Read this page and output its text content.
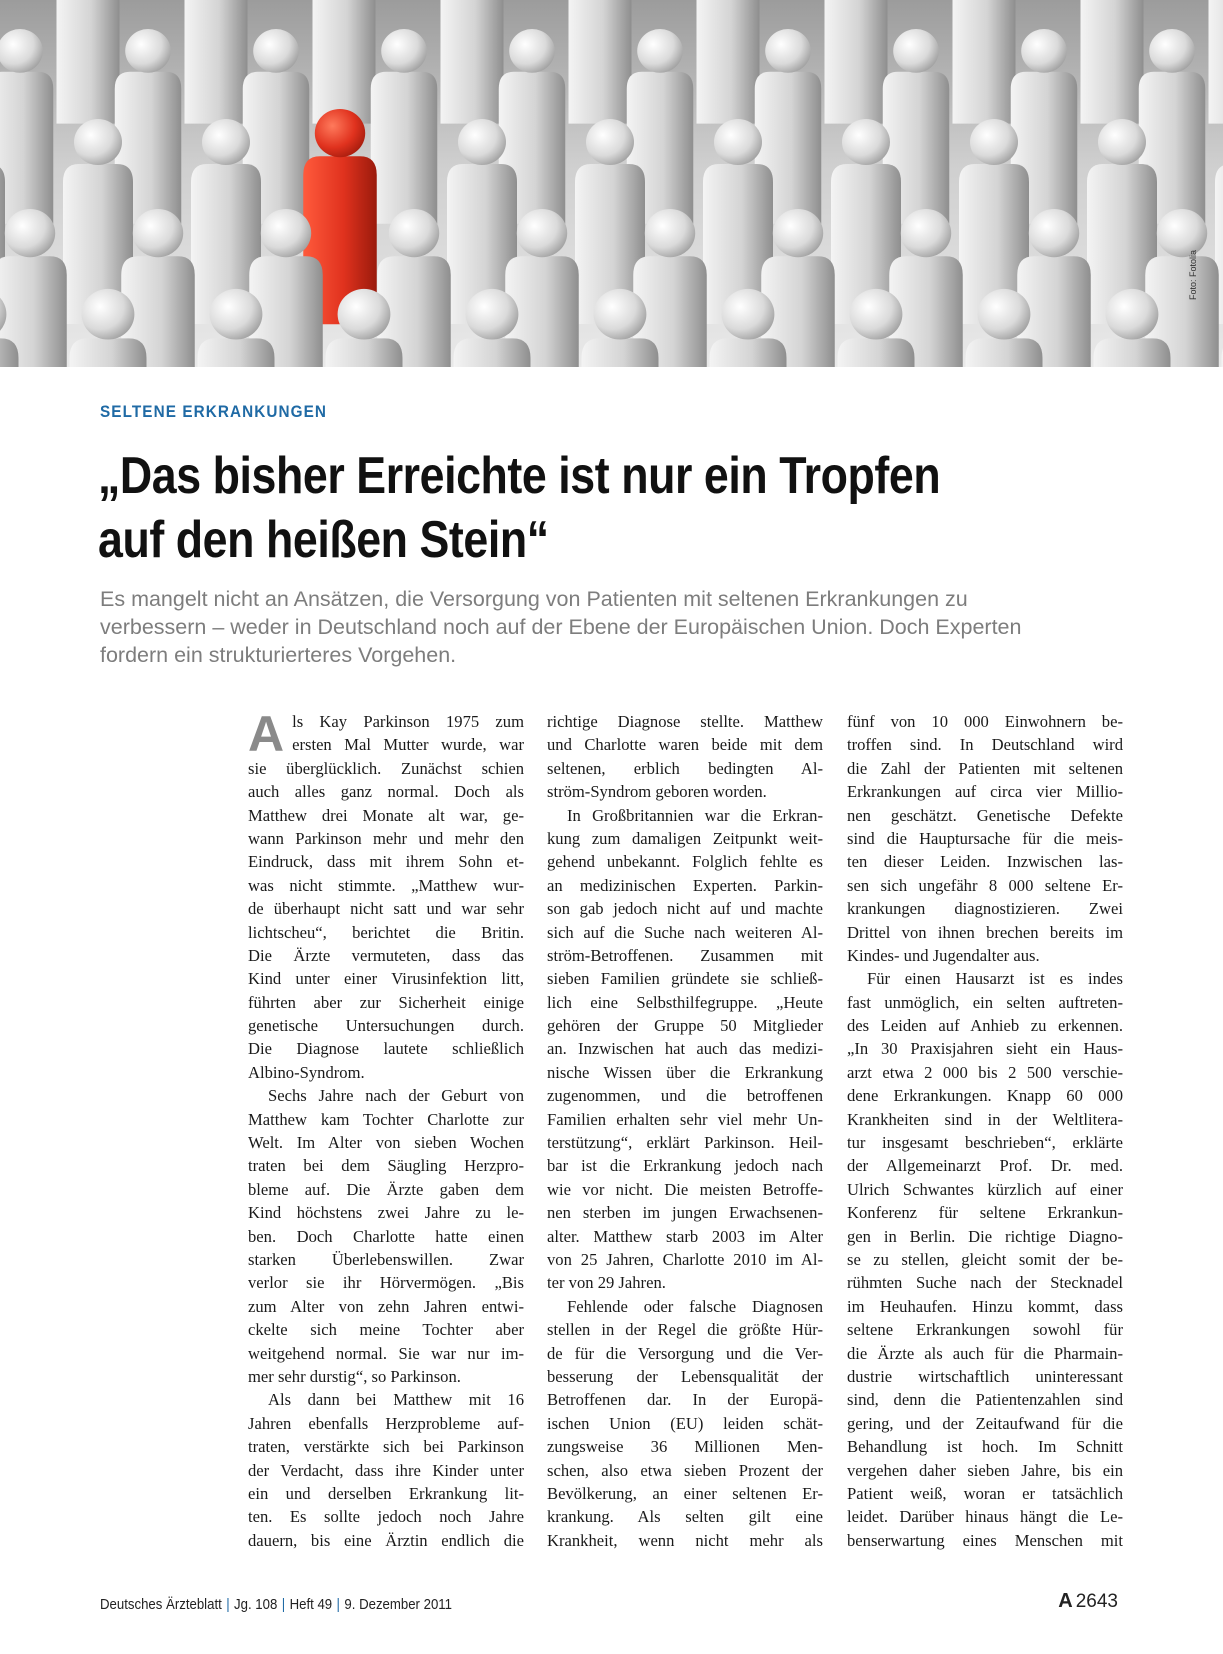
Foto: Fotolia
SELTENE ERKRANKUNGEN
„Das bisher Erreichte ist nur ein Tropfen
auf den heißen Stein“
Es mangelt nicht an Ansätzen, die Versorgung von Patienten mit seltenen Erkrankungen zu
verbessern – weder in Deutschland noch auf der Ebene der Europäischen Union. Doch Experten
fordern ein strukturierteres Vorgehen.
A ls Kay Parkinson 1975 zum
ersten Mal Mutter wurde, war
sie überglücklich. Zunächst schien
auch alles ganz normal. Doch als
Matthew drei Monate alt war, ge-
wann Parkinson mehr und mehr den
Eindruck, dass mit ihrem Sohn et-
was nicht stimmte. „Matthew wur-
de überhaupt nicht satt und war sehr
lichtscheu“, berichtet die Britin.
Die Ärzte vermuteten, dass das
Kind unter einer Virusinfektion litt,
führten aber zur Sicherheit einige
genetische Untersuchungen durch.
Die Diagnose lautete schließlich
Albino-Syndrom.
Sechs Jahre nach der Geburt von
Matthew kam Tochter Charlotte zur
Welt. Im Alter von sieben Wochen
traten bei dem Säugling Herzpro-
bleme auf. Die Ärzte gaben dem
Kind höchstens zwei Jahre zu le-
ben. Doch Charlotte hatte einen
starken Überlebenswillen. Zwar
verlor sie ihr Hörvermögen. „Bis
zum Alter von zehn Jahren entwi-
ckelte sich meine Tochter aber
weitgehend normal. Sie war nur im-
mer sehr durstig“, so Parkinson.
Als dann bei Matthew mit 16
Jahren ebenfalls Herzprobleme auf-
traten, verstärkte sich bei Parkinson
der Verdacht, dass ihre Kinder unter
ein und derselben Erkrankung lit-
ten. Es sollte jedoch noch Jahre
dauern, bis eine Ärztin endlich die
richtige Diagnose stellte. Matthew
und Charlotte waren beide mit dem
seltenen, erblich bedingten Al-
ström-Syndrom geboren worden.
In Großbritannien war die Erkran-
kung zum damaligen Zeitpunkt weit-
gehend unbekannt. Folglich fehlte es
an medizinischen Experten. Parkin-
son gab jedoch nicht auf und machte
sich auf die Suche nach weiteren Al-
ström-Betroffenen. Zusammen mit
sieben Familien gründete sie schließ-
lich eine Selbsthilfegruppe. „Heute
gehören der Gruppe 50 Mitglieder
an. Inzwischen hat auch das medizi-
nische Wissen über die Erkrankung
zugenommen, und die betroffenen
Familien erhalten sehr viel mehr Un-
terstützung“, erklärt Parkinson. Heil-
bar ist die Erkrankung jedoch nach
wie vor nicht. Die meisten Betroffe-
nen sterben im jungen Erwachsenen-
alter. Matthew starb 2003 im Alter
von 25 Jahren, Charlotte 2010 im Al-
ter von 29 Jahren.
Fehlende oder falsche Diagnosen
stellen in der Regel die größte Hür-
de für die Versorgung und die Ver-
besserung der Lebensqualität der
Betroffenen dar. In der Europä-
ischen Union (EU) leiden schät-
zungsweise 36 Millionen Men-
schen, also etwa sieben Prozent der
Bevölkerung, an einer seltenen Er-
krankung. Als selten gilt eine
Krankheit, wenn nicht mehr als
fünf von 10 000 Einwohnern be-
troffen sind. In Deutschland wird
die Zahl der Patienten mit seltenen
Erkrankungen auf circa vier Millio-
nen geschätzt. Genetische Defekte
sind die Hauptursache für die meis-
ten dieser Leiden. Inzwischen las-
sen sich ungefähr 8 000 seltene Er-
krankungen diagnostizieren. Zwei
Drittel von ihnen brechen bereits im
Kindes- und Jugendalter aus.
Für einen Hausarzt ist es indes
fast unmöglich, ein selten auftreten-
des Leiden auf Anhieb zu erkennen.
„In 30 Praxisjahren sieht ein Haus-
arzt etwa 2 000 bis 2 500 verschie-
dene Erkrankungen. Knapp 60 000
Krankheiten sind in der Weltlitera-
tur insgesamt beschrieben“, erklärte
der Allgemeinarzt Prof. Dr. med.
Ulrich Schwantes kürzlich auf einer
Konferenz für seltene Erkrankun-
gen in Berlin. Die richtige Diagno-
se zu stellen, gleicht somit der be-
rühmten Suche nach der Stecknadel
im Heuhaufen. Hinzu kommt, dass
seltene Erkrankungen sowohl für
die Ärzte als auch für die Pharmain-
dustrie wirtschaftlich uninteressant
sind, denn die Patientenzahlen sind
gering, und der Zeitaufwand für die
Behandlung ist hoch. Im Schnitt
vergehen daher sieben Jahre, bis ein
Patient weiß, woran er tatsächlich
leidet. Darüber hinaus hängt die Le-
benserwartung eines Menschen mit
Deutsches Ärzteblatt | Jg. 108 | Heft 49 | 9. Dezember 2011	A 2643
